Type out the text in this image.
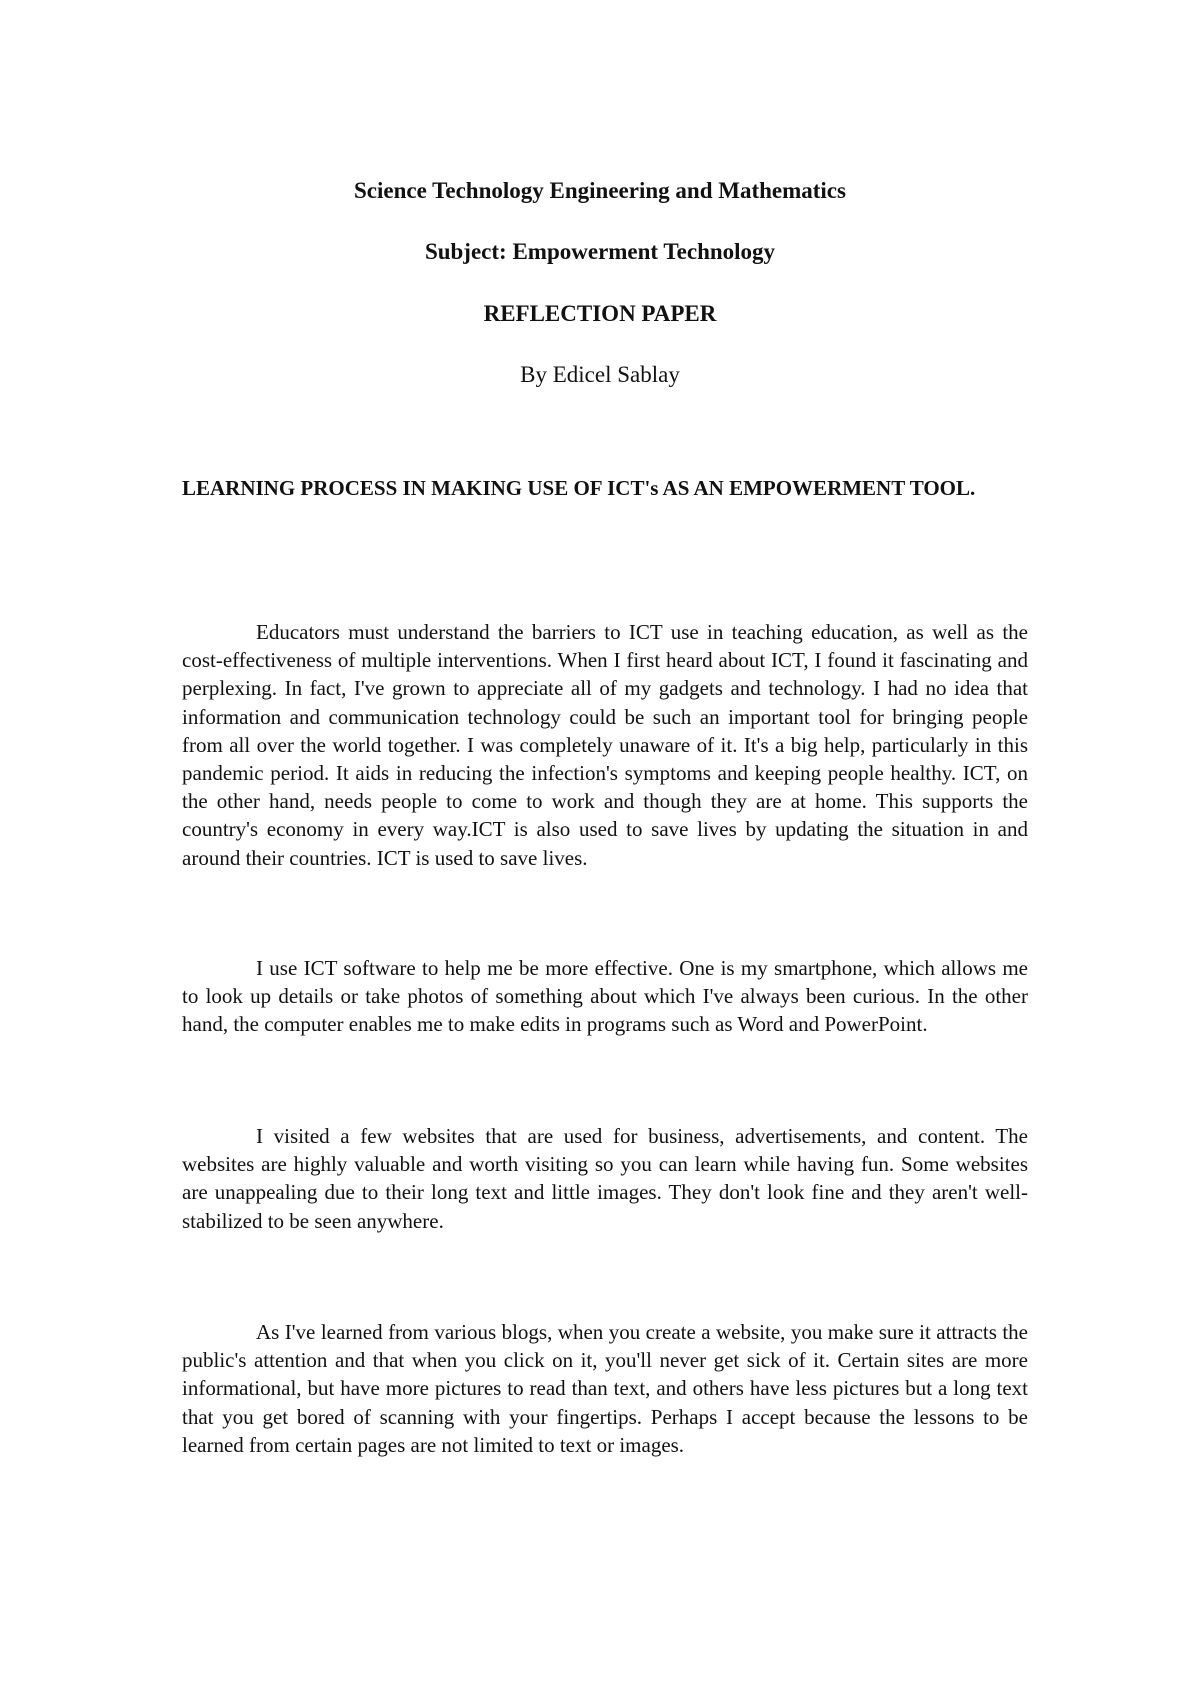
Science Technology Engineering and Mathematics
Subject: Empowerment Technology
REFLECTION PAPER
By Edicel Sablay
LEARNING PROCESS IN MAKING USE OF ICT's AS AN EMPOWERMENT TOOL.

Educators must understand the barriers to ICT use in teaching education, as well as the cost-effectiveness of multiple interventions. When I first heard about ICT, I found it fascinating and perplexing. In fact, I've grown to appreciate all of my gadgets and technology. I had no idea that information and communication technology could be such an important tool for bringing people from all over the world together. I was completely unaware of it. It's a big help, particularly in this pandemic period. It aids in reducing the infection's symptoms and keeping people healthy. ICT, on the other hand, needs people to come to work and though they are at home. This supports the country's economy in every way.ICT is also used to save lives by updating the situation in and around their countries. ICT is used to save lives.

I use ICT software to help me be more effective. One is my smartphone, which allows me to look up details or take photos of something about which I've always been curious. In the other hand, the computer enables me to make edits in programs such as Word and PowerPoint.

I visited a few websites that are used for business, advertisements, and content. The websites are highly valuable and worth visiting so you can learn while having fun. Some websites are unappealing due to their long text and little images. They don't look fine and they aren't well-stabilized to be seen anywhere.

As I've learned from various blogs, when you create a website, you make sure it attracts the public's attention and that when you click on it, you'll never get sick of it. Certain sites are more informational, but have more pictures to read than text, and others have less pictures but a long text that you get bored of scanning with your fingertips. Perhaps I accept because the lessons to be learned from certain pages are not limited to text or images.
